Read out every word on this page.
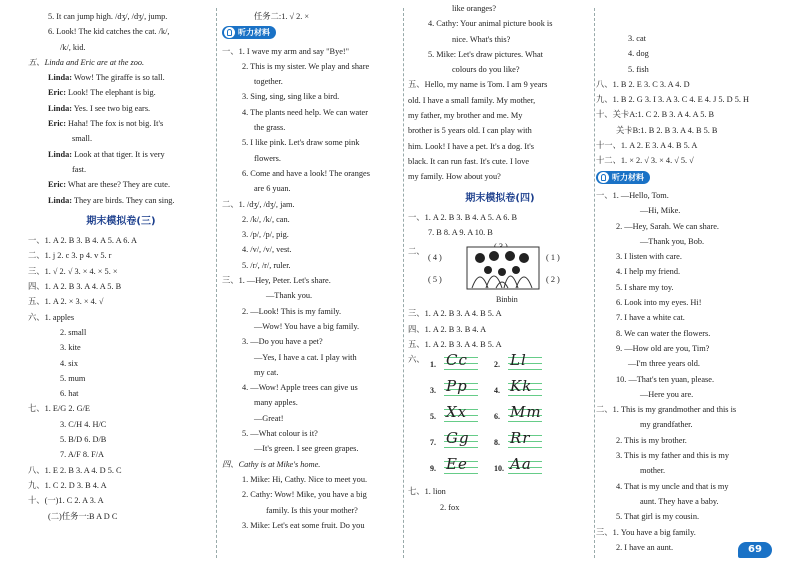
5. It can jump high. /dʒ/, /dʒ/, jump.
6. Look! The kid catches the cat. /k/,
/k/, kid.
五、Linda and Eric are at the zoo.
Linda: Wow! The giraffe is so tall.
Eric: Look! The elephant is big.
Linda: Yes. I see two big ears.
Eric: Haha! The fox is not big. It's
small.
Linda: Look at that tiger. It is very
fast.
Eric: What are these? They are cute.
Linda: They are birds. They can sing.
期末模拟卷(三)
一、1. A 2. B 3. B 4. A 5. A 6. A
二、1. j 2. c 3. p 4. v 5. r
三、1. √ 2. √ 3. × 4. × 5. ×
四、1. A 2. B 3. A 4. A 5. B
五、1. A 2. × 3. × 4. √
六、1. apples
2. small
3. kite
4. six
5. mum
6. hat
七、1. E/G 2. G/E
3. C/H 4. H/C
5. B/D 6. D/B
7. A/F 8. F/A
八、1. E 2. B 3. A 4. D 5. C
九、1. C 2. D 3. B 4. A
十、(一)1. C 2. A 3. A
(二)任务一:B A D C
任务二:1. √ 2. ×
听力材料
一、1. I wave my arm and say "Bye!"
2. This is my sister. We play and share
together.
3. Sing, sing, sing like a bird.
4. The plants need help. We can water
the grass.
5. I like pink. Let's draw some pink
flowers.
6. Come and have a look! The oranges
are 6 yuan.
二、1. /dʒ/, /dʒ/, jam.
2. /k/, /k/, can.
3. /p/, /p/, pig.
4. /v/, /v/, vest.
5. /r/, /r/, ruler.
三、1. —Hey, Peter. Let's share.
—Thank you.
2. —Look! This is my family.
—Wow! You have a big family.
3. —Do you have a pet?
—Yes, I have a cat. I play with
my cat.
4. —Wow! Apple trees can give us
many apples.
—Great!
5. —What colour is it?
—It's green. I see green grapes.
四、Cathy is at Mike's home.
1. Mike: Hi, Cathy. Nice to meet you.
2. Cathy: Wow! Mike, you have a big
family. Is this your mother?
3. Mike: Let's eat some fruit. Do you
like oranges?
4. Cathy: Your animal picture book is
nice. What's this?
5. Mike: Let's draw pictures. What
colours do you like?
五、Hello, my name is Tom. I am 9 years
old. I have a small family. My mother,
my father, my brother and me. My
brother is 5 years old. I can play with
him. Look! I have a pet. It's a dog. It's
black. It can run fast. It's cute. I love
my family. How about you?
期末模拟卷(四)
一、1. A 2. B 3. B 4. A 5. A 6. B
7. B 8. A 9. A 10. B
二、
( 4 )	( 1 )
( 5 )	( 2 )
Binbin
三、1. A 2. B 3. A 4. B 5. A
四、1. A 2. B 3. B 4. A
五、1. A 2. B 3. A 4. B 5. A
六、 1. Cc	2. Ll
3. Pp	4. Kk
5. Xx	6. Mm
7. Gg	8. Rr
9. Ee	10. Aa
七、1. lion
2. fox
3. cat
4. dog
5. fish
八、1. B 2. E 3. C 3. A 4. D
九、1. B 2. G 3. I 3. A 3. C 4. E 4. J 5. D 5. H
十、关卡A:1. C 2. B 3. A 4. A 5. B
关卡B:1. B 2. B 3. A 4. B 5. B
十一、1. A 2. E 3. A 4. B 5. A
十二、1. × 2. √ 3. × 4. √ 5. √
听力材料
一、1. —Hello, Tom.
—Hi, Mike.
2. —Hey, Sarah. We can share.
—Thank you, Bob.
3. I listen with care.
4. I help my friend.
5. I share my toy.
6. Look into my eyes. Hi!
7. I have a white cat.
8. We can water the flowers.
9. —How old are you, Tim?
—I'm three years old.
10. —That's ten yuan, please.
—Here you are.
二、1. This is my grandmother and this is
my grandfather.
2. This is my brother.
3. This is my father and this is my
mother.
4. That is my uncle and that is my
aunt. They have a baby.
5. That girl is my cousin.
三、1. You have a big family.
2. I have an aunt.	69
